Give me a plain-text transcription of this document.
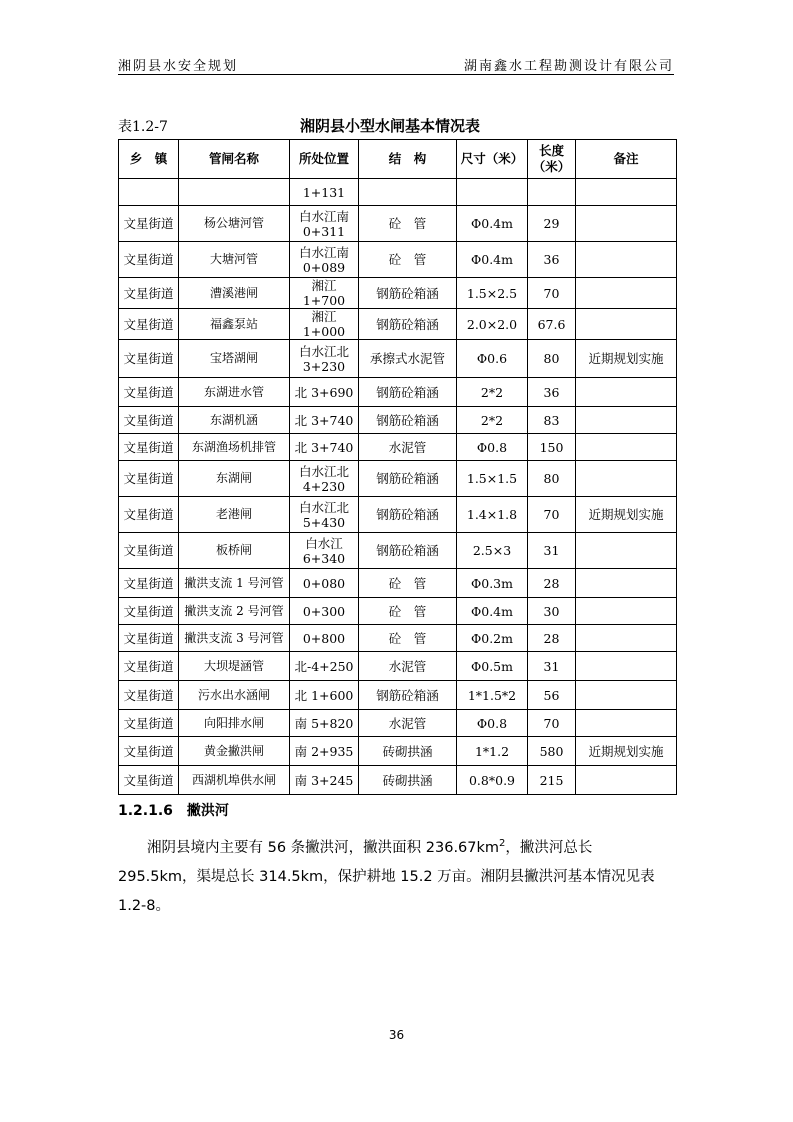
湘阴县水安全规划	湖南鑫水工程勘测设计有限公司
表1.2-7	湘阴县小型水闸基本情况表
乡　镇	管闸名称	所处位置	结　构	尺寸（米）	长度（米）	备注
		1+131				
文星街道	杨公塘河管	白水江南 0+311	砼　管	Φ0.4m	29	
文星街道	大塘河管	白水江南 0+089	砼　管	Φ0.4m	36	
文星街道	漕溪港闸	湘江 1+700	钢筋砼箱涵	1.5×2.5	70	
文星街道	福鑫泵站	湘江 1+000	钢筋砼箱涵	2.0×2.0	67.6	
文星街道	宝塔湖闸	白水江北 3+230	承擦式水泥管	Φ0.6	80	近期规划实施
文星街道	东湖进水管	北 3+690	钢筋砼箱涵	2*2	36	
文星街道	东湖机涵	北 3+740	钢筋砼箱涵	2*2	83	
文星街道	东湖渔场机排管	北 3+740	水泥管	Φ0.8	150	
文星街道	东湖闸	白水江北 4+230	钢筋砼箱涵	1.5×1.5	80	
文星街道	老港闸	白水江北 5+430	钢筋砼箱涵	1.4×1.8	70	近期规划实施
文星街道	板桥闸	白水江 6+340	钢筋砼箱涵	2.5×3	31	
文星街道	撇洪支流 1 号河管	0+080	砼　管	Φ0.3m	28	
文星街道	撇洪支流 2 号河管	0+300	砼　管	Φ0.4m	30	
文星街道	撇洪支流 3 号河管	0+800	砼　管	Φ0.2m	28	
文星街道	大坝堤涵管	北-4+250	水泥管	Φ0.5m	31	
文星街道	污水出水涵闸	北 1+600	钢筋砼箱涵	1*1.5*2	56	
文星街道	向阳排水闸	南 5+820	水泥管	Φ0.8	70	
文星街道	黄金撇洪闸	南 2+935	砖砌拱涵	1*1.2	580	近期规划实施
文星街道	西湖机埠供水闸	南 3+245	砖砌拱涵	0.8*0.9	215	
1.2.1.6　撇洪河

湘阴县境内主要有 56 条撇洪河，撇洪面积 $236.67km^2$，撇洪河总长 295.5km，渠堤总长 314.5km，保护耕地 15.2 万亩。湘阴县撇洪河基本情况见表 1.2-8。

36
